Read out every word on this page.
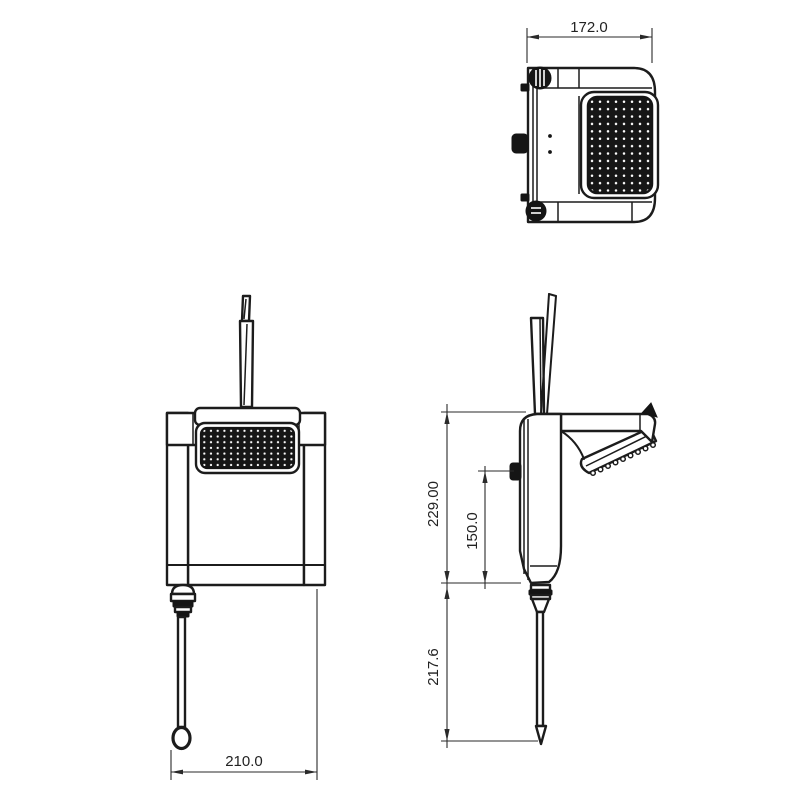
172.0
210.0
229.00
150.0
217.6
